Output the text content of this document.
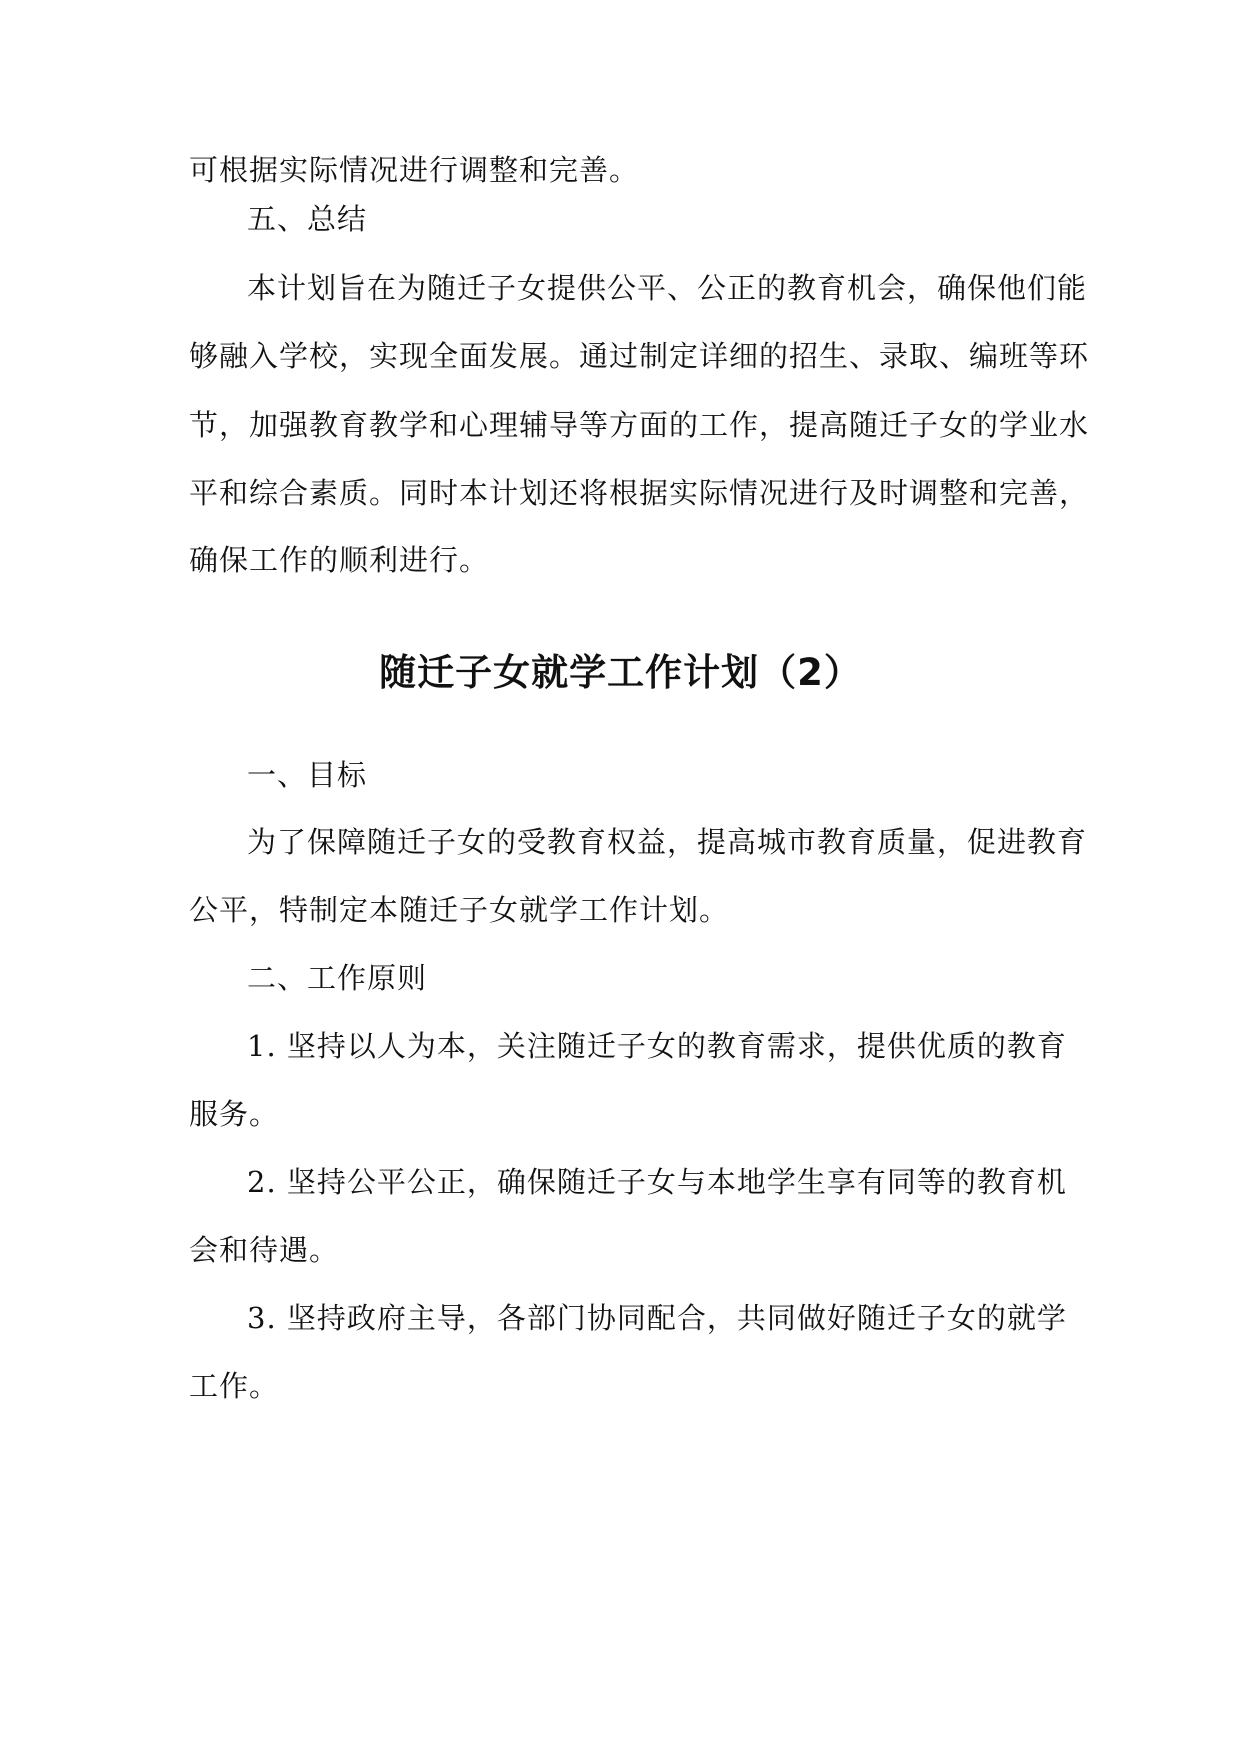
可根据实际情况进行调整和完善。
五、总结
本计划旨在为随迁子女提供公平、公正的教育机会，确保他们能
够融入学校，实现全面发展。通过制定详细的招生、录取、编班等环
节，加强教育教学和心理辅导等方面的工作，提高随迁子女的学业水
平和综合素质。同时本计划还将根据实际情况进行及时调整和完善，
确保工作的顺利进行。
随迁子女就学工作计划（2）
一、目标
为了保障随迁子女的受教育权益，提高城市教育质量，促进教育
公平，特制定本随迁子女就学工作计划。
二、工作原则
1. 坚持以人为本，关注随迁子女的教育需求，提供优质的教育
服务。
2. 坚持公平公正，确保随迁子女与本地学生享有同等的教育机
会和待遇。
3. 坚持政府主导，各部门协同配合，共同做好随迁子女的就学
工作。
